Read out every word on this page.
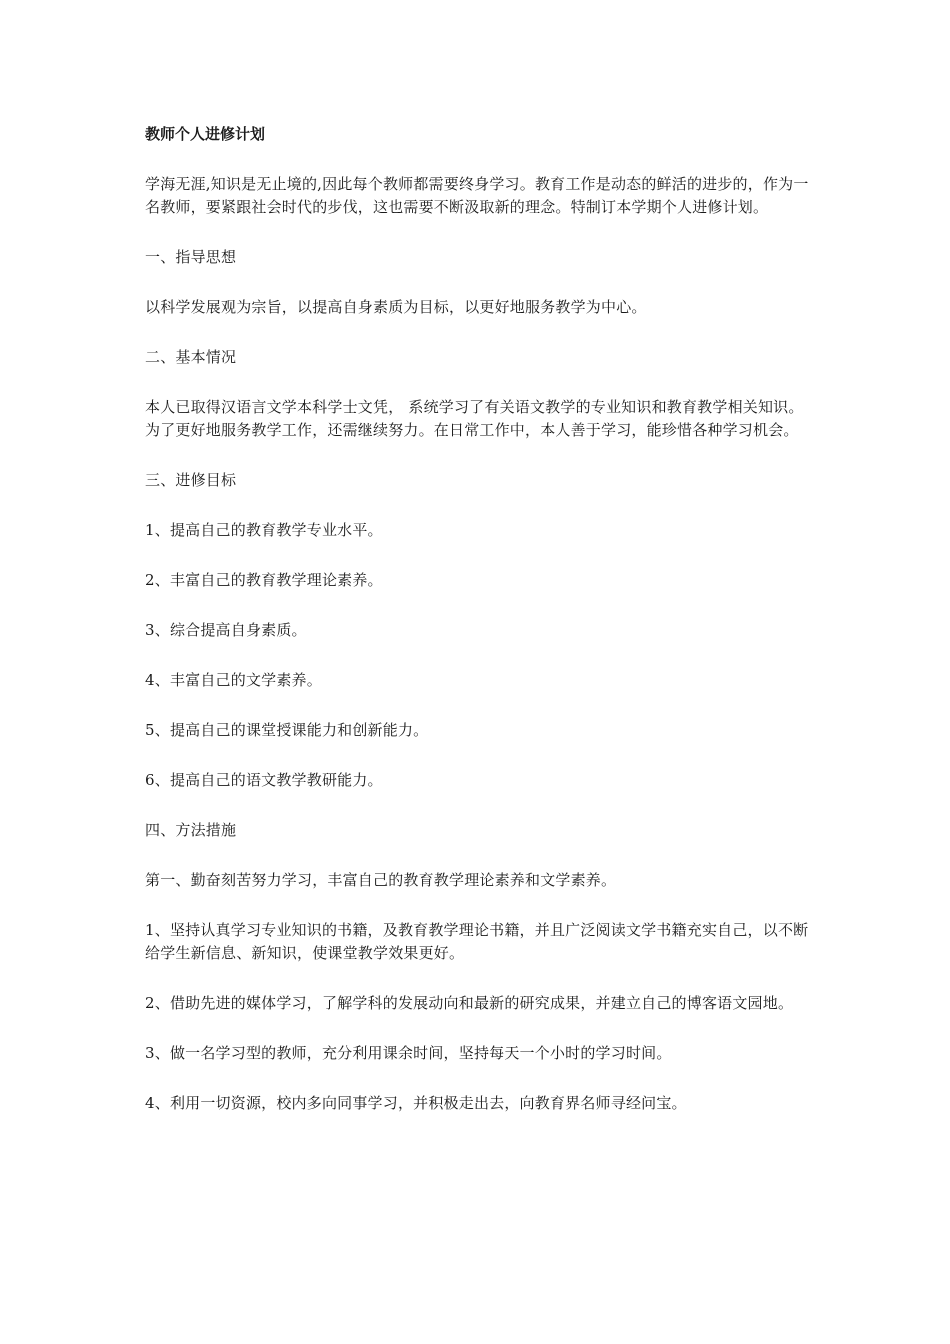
教师个人进修计划

学海无涯,知识是无止境的,因此每个教师都需要终身学习。教育工作是动态的鲜活的进步的，作为一名教师，要紧跟社会时代的步伐，这也需要不断汲取新的理念。特制订本学期个人进修计划。

一、指导思想

以科学发展观为宗旨，以提高自身素质为目标，以更好地服务教学为中心。

二、基本情况

本人已取得汉语言文学本科学士文凭， 系统学习了有关语文教学的专业知识和教育教学相关知识。为了更好地服务教学工作，还需继续努力。在日常工作中，本人善于学习，能珍惜各种学习机会。

三、进修目标

1、提高自己的教育教学专业水平。

2、丰富自己的教育教学理论素养。

3、综合提高自身素质。

4、丰富自己的文学素养。

5、提高自己的课堂授课能力和创新能力。

6、提高自己的语文教学教研能力。

四、方法措施

第一、勤奋刻苦努力学习，丰富自己的教育教学理论素养和文学素养。

1、坚持认真学习专业知识的书籍，及教育教学理论书籍，并且广泛阅读文学书籍充实自己，以不断给学生新信息、新知识，使课堂教学效果更好。

2、借助先进的媒体学习，了解学科的发展动向和最新的研究成果，并建立自己的博客语文园地。

3、做一名学习型的教师，充分利用课余时间，坚持每天一个小时的学习时间。

4、利用一切资源，校内多向同事学习，并积极走出去，向教育界名师寻经问宝。
